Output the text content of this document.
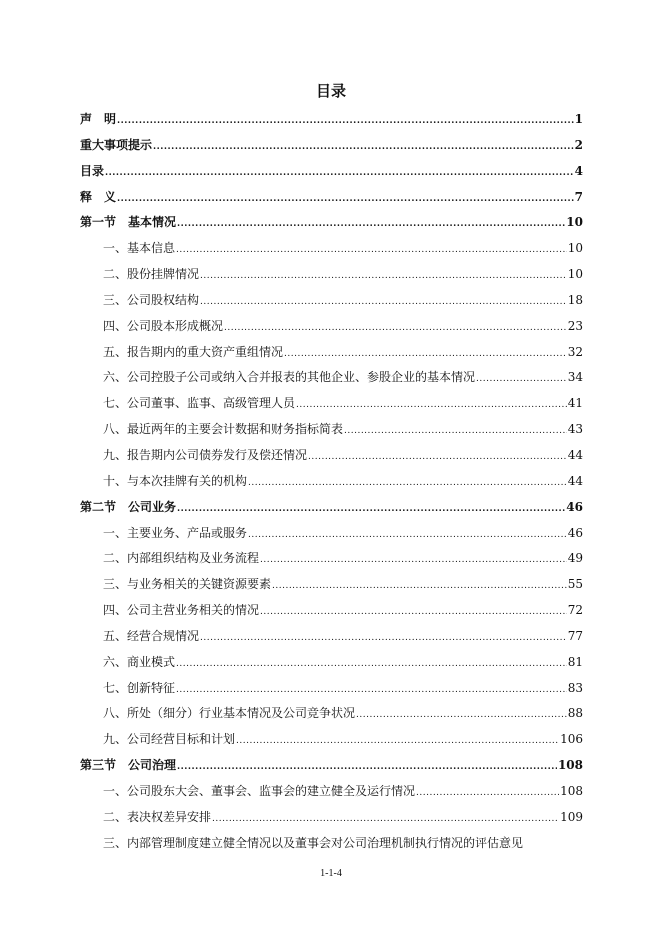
目录
声　明 .....	1
重大事项提示 .....	2
目录 .....	4
释　义 .....	7
第一节　基本情况 .....	10
一、基本信息 .....	10
二、股份挂牌情况 .....	10
三、公司股权结构 .....	18
四、公司股本形成概况 .....	23
五、报告期内的重大资产重组情况 .....	32
六、公司控股子公司或纳入合并报表的其他企业、参股企业的基本情况 .....	34
七、公司董事、监事、高级管理人员 .....	41
八、最近两年的主要会计数据和财务指标简表 .....	43
九、报告期内公司债券发行及偿还情况 .....	44
十、与本次挂牌有关的机构 .....	44
第二节　公司业务 .....	46
一、主要业务、产品或服务 .....	46
二、内部组织结构及业务流程 .....	49
三、与业务相关的关键资源要素 .....	55
四、公司主营业务相关的情况 .....	72
五、经营合规情况 .....	77
六、商业模式 .....	81
七、创新特征 .....	83
八、所处（细分）行业基本情况及公司竞争状况 .....	88
九、公司经营目标和计划 .....	106
第三节　公司治理 .....	108
一、公司股东大会、董事会、监事会的建立健全及运行情况 .....	108
二、表决权差异安排 .....	109
三、内部管理制度建立健全情况以及董事会对公司治理机制执行情况的评估意见
1-1-4
